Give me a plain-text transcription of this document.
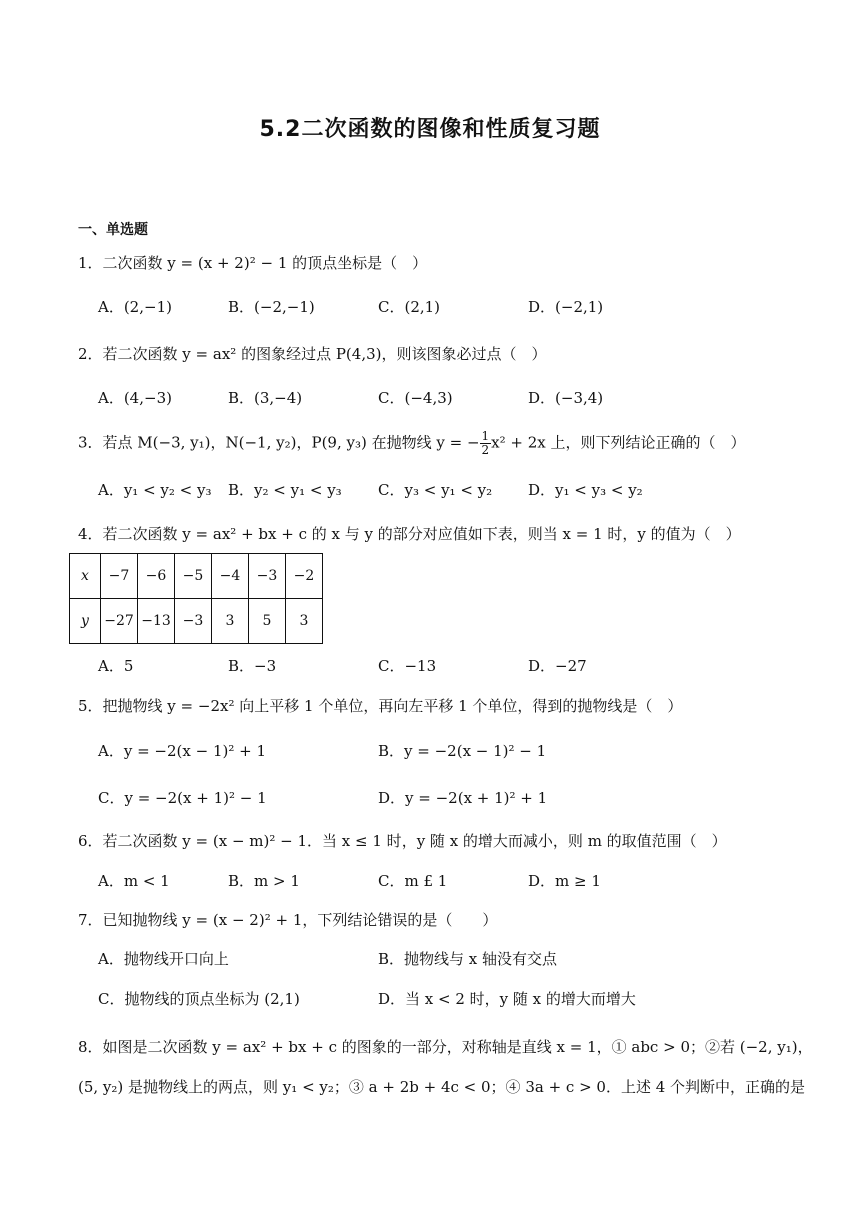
5.2二次函数的图像和性质复习题
一、单选题
1．二次函数 y = (x + 2)² − 1 的顶点坐标是（　）
A．(2,−1)	B．(−2,−1)	C．(2,1)	D．(−2,1)
2．若二次函数 y = ax² 的图象经过点 P(4,3)，则该图象必过点（　）
A．(4,−3)	B．(3,−4)	C．(−4,3)	D．(−3,4)
3．若点 M(−3, y₁)，N(−1, y₂)，P(9, y₃) 在抛物线 y = − $\frac{1}{2} x^2 + 2x$ 上，则下列结论正确的（　）
A．y₁ < y₂ < y₃ B．y₂ < y₁ < y₃ C．y₃ < y₁ < y₂ D．y₁ < y₃ < y₂
4．若二次函数 y = ax² + bx + c 的 x 与 y 的部分对应值如下表，则当 x = 1 时，y 的值为（　）
x	−7	−6	−5	−4	−3	−2
y	−27	−13	−3	3	5	3
A．5	B．−3	C．−13	D．−27
5．把抛物线 y = −2x² 向上平移 1 个单位，再向左平移 1 个单位，得到的抛物线是（　）
A．y = −2(x − 1)² + 1	B．y = −2(x − 1)² − 1
C．y = −2(x + 1)² − 1	D．y = −2(x + 1)² + 1
6．若二次函数 y = (x − m)² − 1．当 x ≤ 1 时，y 随 x 的增大而减小，则 m 的取值范围（　）
A．m < 1	B．m > 1	C．m £ 1	D．m ≥ 1
7．已知抛物线 y = (x − 2)² + 1，下列结论错误的是（　　）
A．抛物线开口向上	B．抛物线与 x 轴没有交点
C．抛物线的顶点坐标为 (2,1)	D．当 x < 2 时，y 随 x 的增大而增大
8．如图是二次函数 y = ax² + bx + c 的图象的一部分，对称轴是直线 x = 1，① abc > 0；②若 (−2, y₁)，
(5, y₂) 是抛物线上的两点，则 y₁ < y₂；③ a + 2b + 4c < 0；④ 3a + c > 0．上述 4 个判断中，正确的是
